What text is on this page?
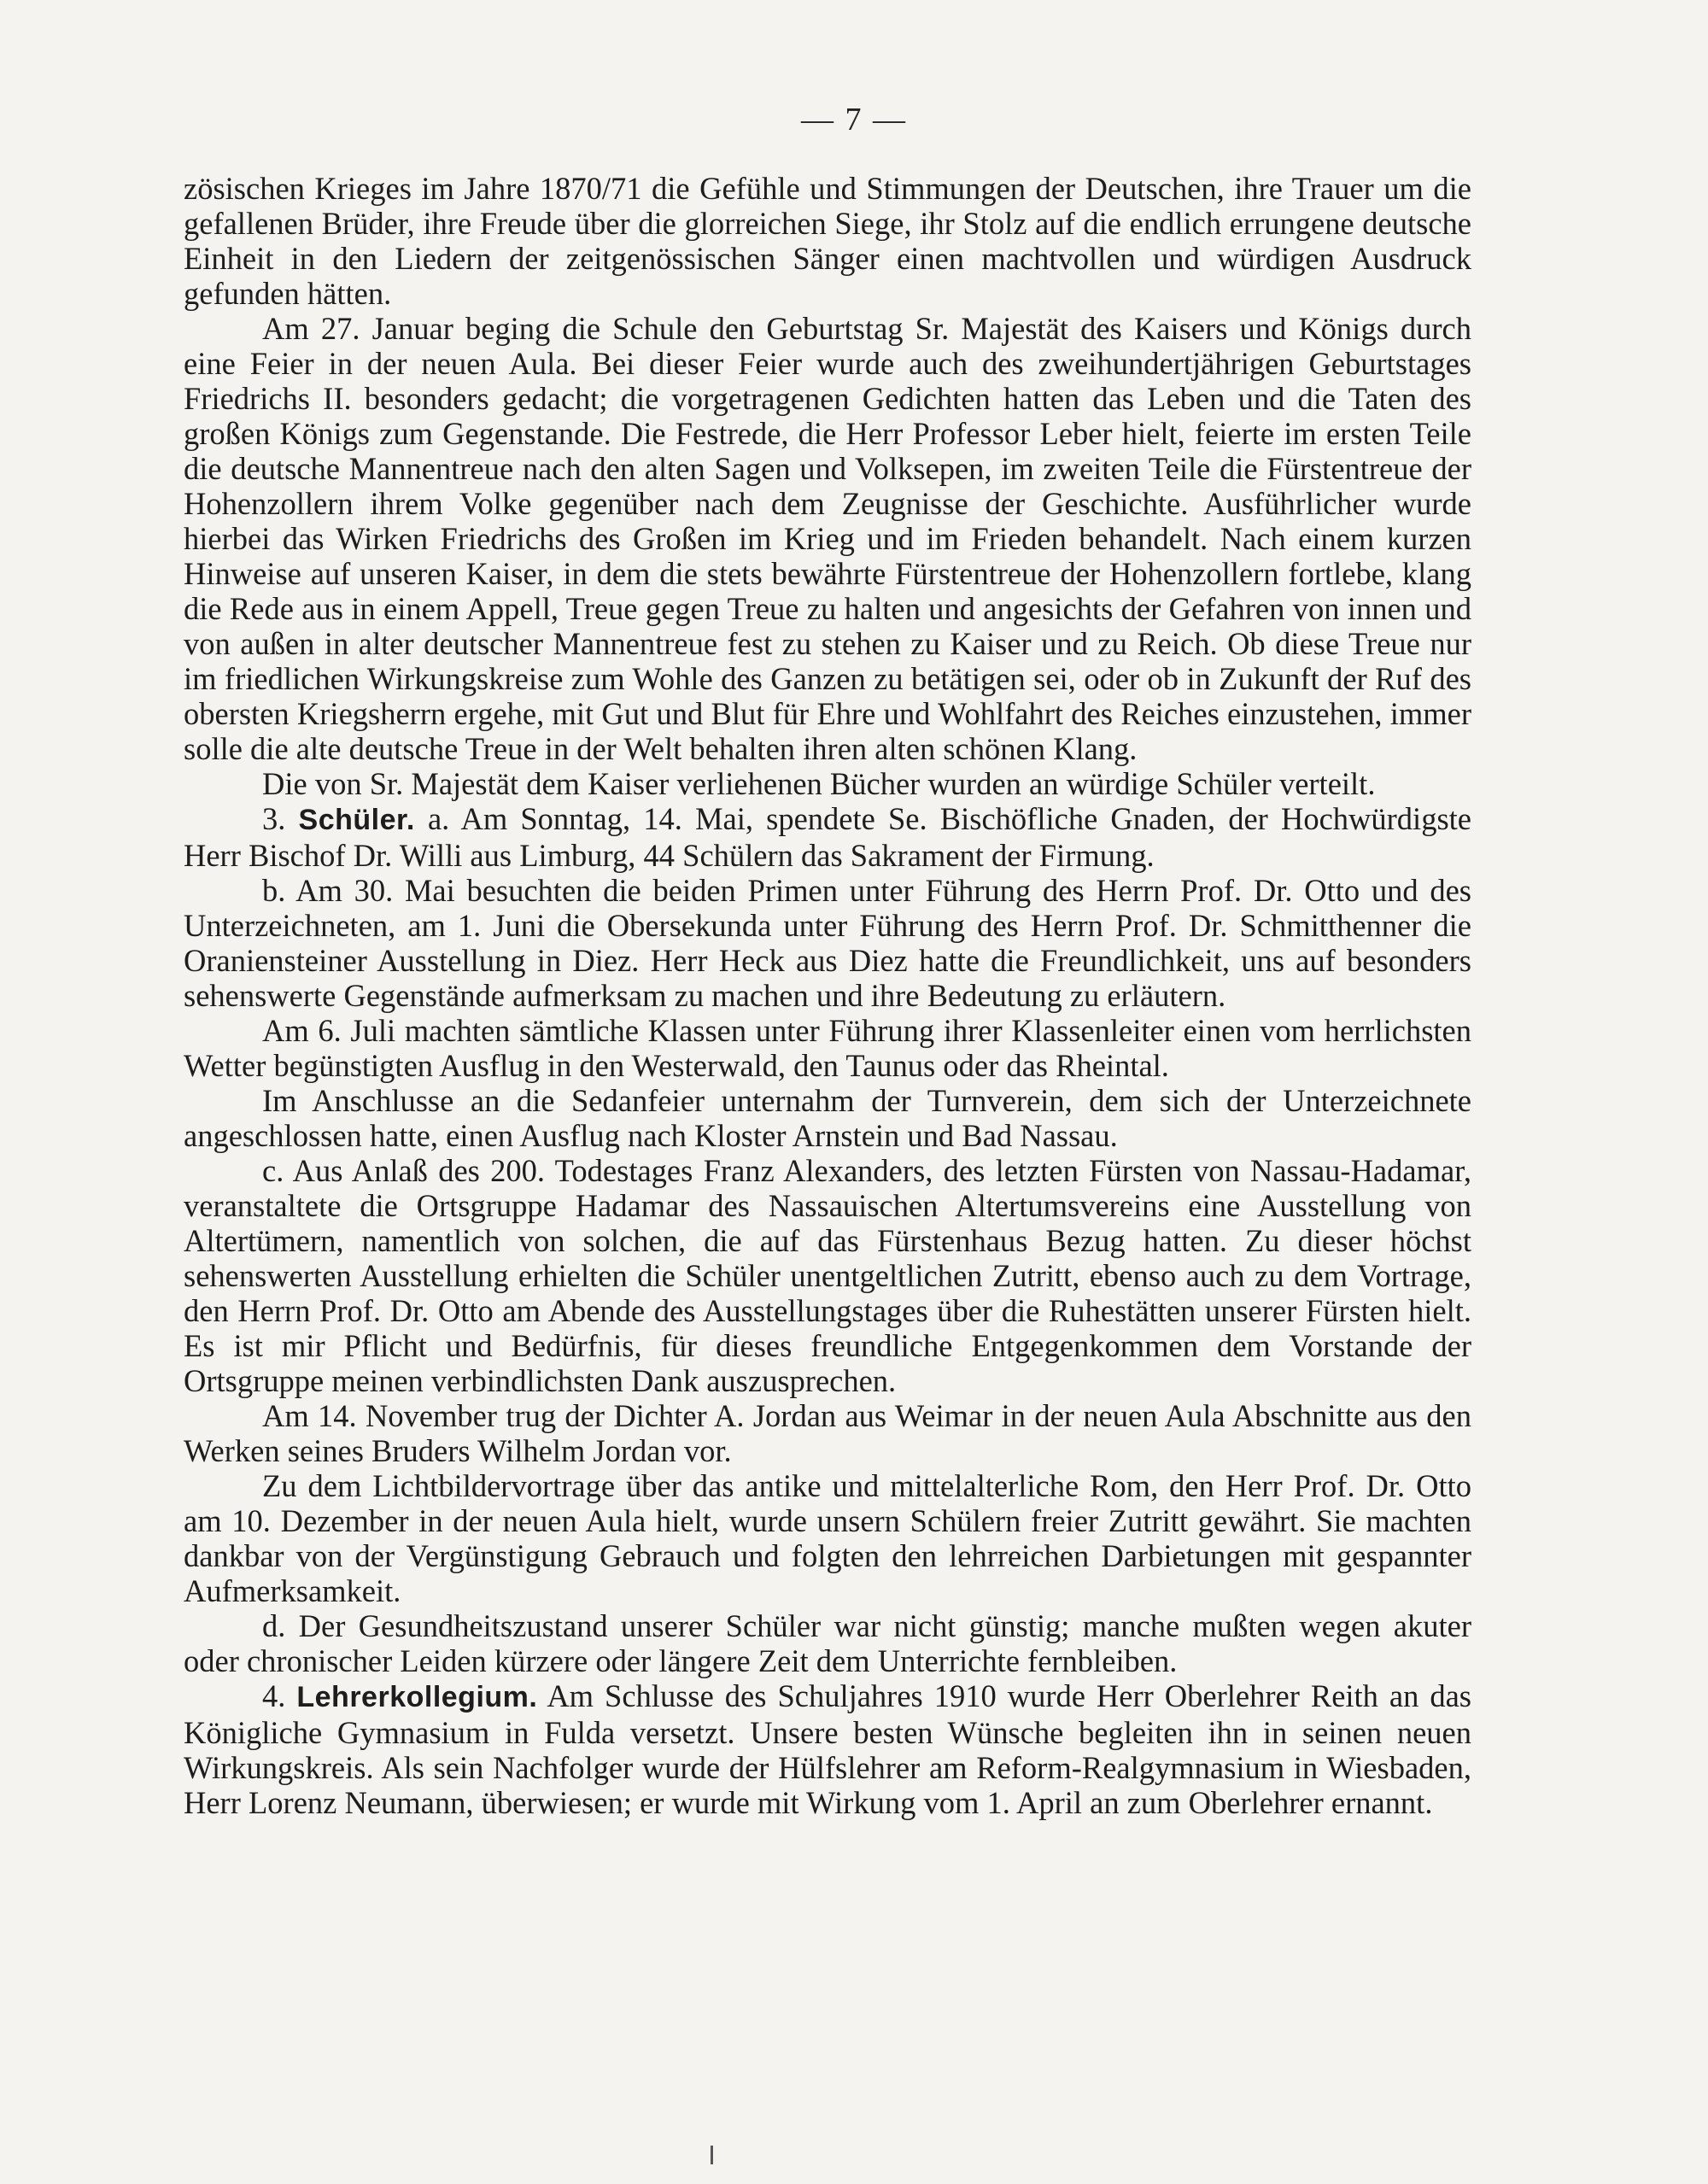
— 7 —

zösischen Krieges im Jahre 1870/71 die Gefühle und Stimmungen der Deutschen, ihre Trauer um die gefallenen Brüder, ihre Freude über die glorreichen Siege, ihr Stolz auf die endlich errungene deutsche Einheit in den Liedern der zeitgenössischen Sänger einen machtvollen und würdigen Ausdruck gefunden hätten.

Am 27. Januar beging die Schule den Geburtstag Sr. Majestät des Kaisers und Königs durch eine Feier in der neuen Aula. Bei dieser Feier wurde auch des zweihundertjährigen Geburtstages Friedrichs II. besonders gedacht; die vorgetragenen Gedichten hatten das Leben und die Taten des großen Königs zum Gegenstande. Die Festrede, die Herr Professor Leber hielt, feierte im ersten Teile die deutsche Mannentreue nach den alten Sagen und Volksepen, im zweiten Teile die Fürstentreue der Hohenzollern ihrem Volke gegenüber nach dem Zeugnisse der Geschichte. Ausführlicher wurde hierbei das Wirken Friedrichs des Großen im Krieg und im Frieden behandelt. Nach einem kurzen Hinweise auf unseren Kaiser, in dem die stets bewährte Fürstentreue der Hohenzollern fortlebe, klang die Rede aus in einem Appell, Treue gegen Treue zu halten und angesichts der Gefahren von innen und von außen in alter deutscher Mannentreue fest zu stehen zu Kaiser und zu Reich. Ob diese Treue nur im friedlichen Wirkungskreise zum Wohle des Ganzen zu betätigen sei, oder ob in Zukunft der Ruf des obersten Kriegsherrn ergehe, mit Gut und Blut für Ehre und Wohlfahrt des Reiches einzustehen, immer solle die alte deutsche Treue in der Welt behalten ihren alten schönen Klang.

Die von Sr. Majestät dem Kaiser verliehenen Bücher wurden an würdige Schüler verteilt.

3. Schüler. a. Am Sonntag, 14. Mai, spendete Se. Bischöfliche Gnaden, der Hochwürdigste Herr Bischof Dr. Willi aus Limburg, 44 Schülern das Sakrament der Firmung.

b. Am 30. Mai besuchten die beiden Primen unter Führung des Herrn Prof. Dr. Otto und des Unterzeichneten, am 1. Juni die Obersekunda unter Führung des Herrn Prof. Dr. Schmitthenner die Oraniensteiner Ausstellung in Diez. Herr Heck aus Diez hatte die Freundlichkeit, uns auf besonders sehenswerte Gegenstände aufmerksam zu machen und ihre Bedeutung zu erläutern.

Am 6. Juli machten sämtliche Klassen unter Führung ihrer Klassenleiter einen vom herrlichsten Wetter begünstigten Ausflug in den Westerwald, den Taunus oder das Rheintal.

Im Anschlusse an die Sedanfeier unternahm der Turnverein, dem sich der Unterzeichnete angeschlossen hatte, einen Ausflug nach Kloster Arnstein und Bad Nassau.

c. Aus Anlaß des 200. Todestages Franz Alexanders, des letzten Fürsten von Nassau-Hadamar, veranstaltete die Ortsgruppe Hadamar des Nassauischen Altertumsvereins eine Ausstellung von Altertümern, namentlich von solchen, die auf das Fürstenhaus Bezug hatten. Zu dieser höchst sehenswerten Ausstellung erhielten die Schüler unentgeltlichen Zutritt, ebenso auch zu dem Vortrage, den Herrn Prof. Dr. Otto am Abende des Ausstellungstages über die Ruhestätten unserer Fürsten hielt. Es ist mir Pflicht und Bedürfnis, für dieses freundliche Entgegenkommen dem Vorstande der Ortsgruppe meinen verbindlichsten Dank auszusprechen.

Am 14. November trug der Dichter A. Jordan aus Weimar in der neuen Aula Abschnitte aus den Werken seines Bruders Wilhelm Jordan vor.

Zu dem Lichtbildervortrage über das antike und mittelalterliche Rom, den Herr Prof. Dr. Otto am 10. Dezember in der neuen Aula hielt, wurde unsern Schülern freier Zutritt gewährt. Sie machten dankbar von der Vergünstigung Gebrauch und folgten den lehrreichen Darbietungen mit gespannter Aufmerksamkeit.

d. Der Gesundheitszustand unserer Schüler war nicht günstig; manche mußten wegen akuter oder chronischer Leiden kürzere oder längere Zeit dem Unterrichte fernbleiben.

4. Lehrerkollegium. Am Schlusse des Schuljahres 1910 wurde Herr Oberlehrer Reith an das Königliche Gymnasium in Fulda versetzt. Unsere besten Wünsche begleiten ihn in seinen neuen Wirkungskreis. Als sein Nachfolger wurde der Hülfslehrer am Reform-Realgymnasium in Wiesbaden, Herr Lorenz Neumann, überwiesen; er wurde mit Wirkung vom 1. April an zum Oberlehrer ernannt.
